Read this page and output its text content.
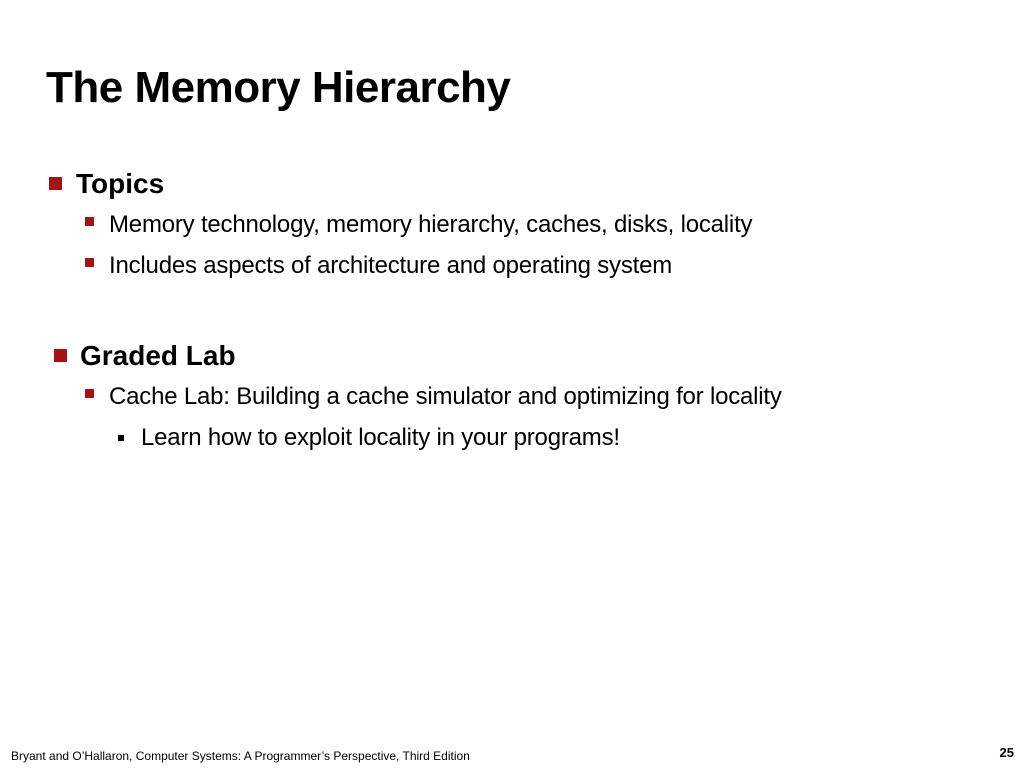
The Memory Hierarchy
Topics
Memory technology, memory hierarchy, caches, disks, locality
Includes aspects of architecture and operating system
Graded Lab
Cache Lab: Building a cache simulator and optimizing for locality
Learn how to exploit locality in your programs!
Bryant and O’Hallaron, Computer Systems: A Programmer’s Perspective, Third Edition	25
